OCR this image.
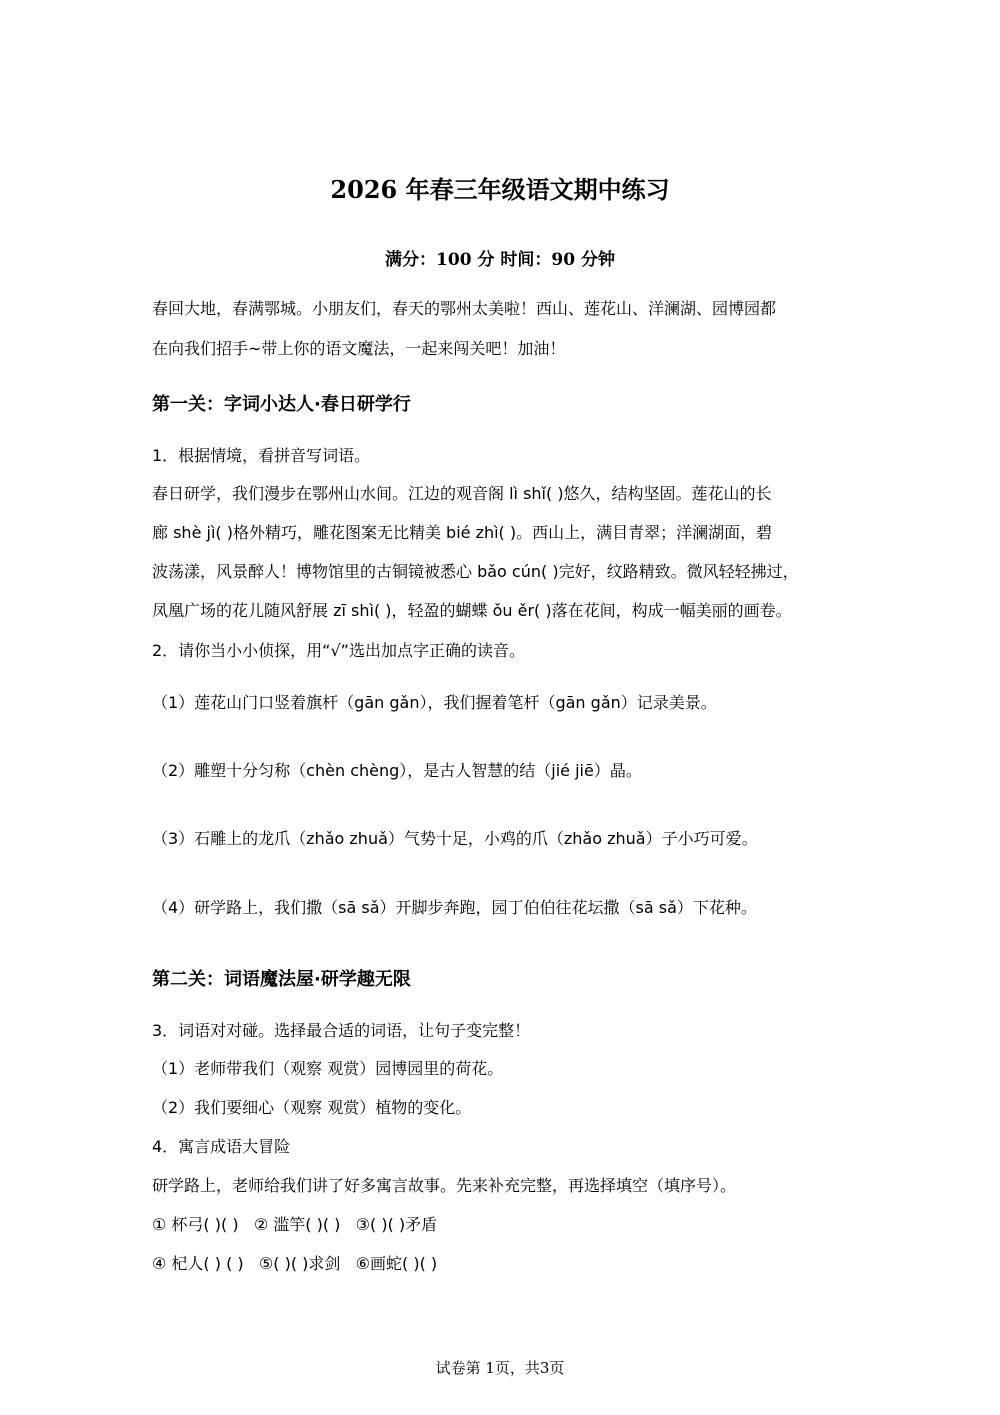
2026 年春三年级语文期中练习
满分：100 分 时间：90 分钟
春回大地，春满鄂城。小朋友们，春天的鄂州太美啦！西山、莲花山、洋澜湖、园博园都
在向我们招手~带上你的语文魔法，一起来闯关吧！加油！
第一关：字词小达人·春日研学行
1．根据情境，看拼音写词语。
春日研学，我们漫步在鄂州山水间。江边的观音阁 lì shǐ( )悠久，结构坚固。莲花山的长
廊 shè jì( )格外精巧，雕花图案无比精美 bié zhì( )。西山上，满目青翠；洋澜湖面，碧
波荡漾，风景醉人！博物馆里的古铜镜被悉心 bǎo cún( )完好，纹路精致。微风轻轻拂过，
凤凰广场的花儿随风舒展 zī shì( )，轻盈的蝴蝶 ǒu ěr( )落在花间，构成一幅美丽的画卷。
2．请你当小小侦探，用“√”选出加点字正确的读音。
（1）莲花山门口竖着旗杆（gān gǎn），我们握着笔杆（gān gǎn）记录美景。
（2）雕塑十分匀称（chèn chèng），是古人智慧的结（jié jiē）晶。
（3）石雕上的龙爪（zhǎo zhuǎ）气势十足，小鸡的爪（zhǎo zhuǎ）子小巧可爱。
（4）研学路上，我们撒（sā sǎ）开脚步奔跑，园丁伯伯往花坛撒（sā sǎ）下花种。
第二关：词语魔法屋·研学趣无限
3．词语对对碰。选择最合适的词语，让句子变完整！
（1）老师带我们（观察 观赏）园博园里的荷花。
（2）我们要细心（观察 观赏）植物的变化。
4．寓言成语大冒险
研学路上，老师给我们讲了好多寓言故事。先来补充完整，再选择填空（填序号）。
① 杯弓( )( )   ② 滥竽( )( )   ③( )( )矛盾
④ 杞人( ) ( )   ⑤( )( )求剑   ⑥画蛇( )( )
试卷第 1页，共3页
